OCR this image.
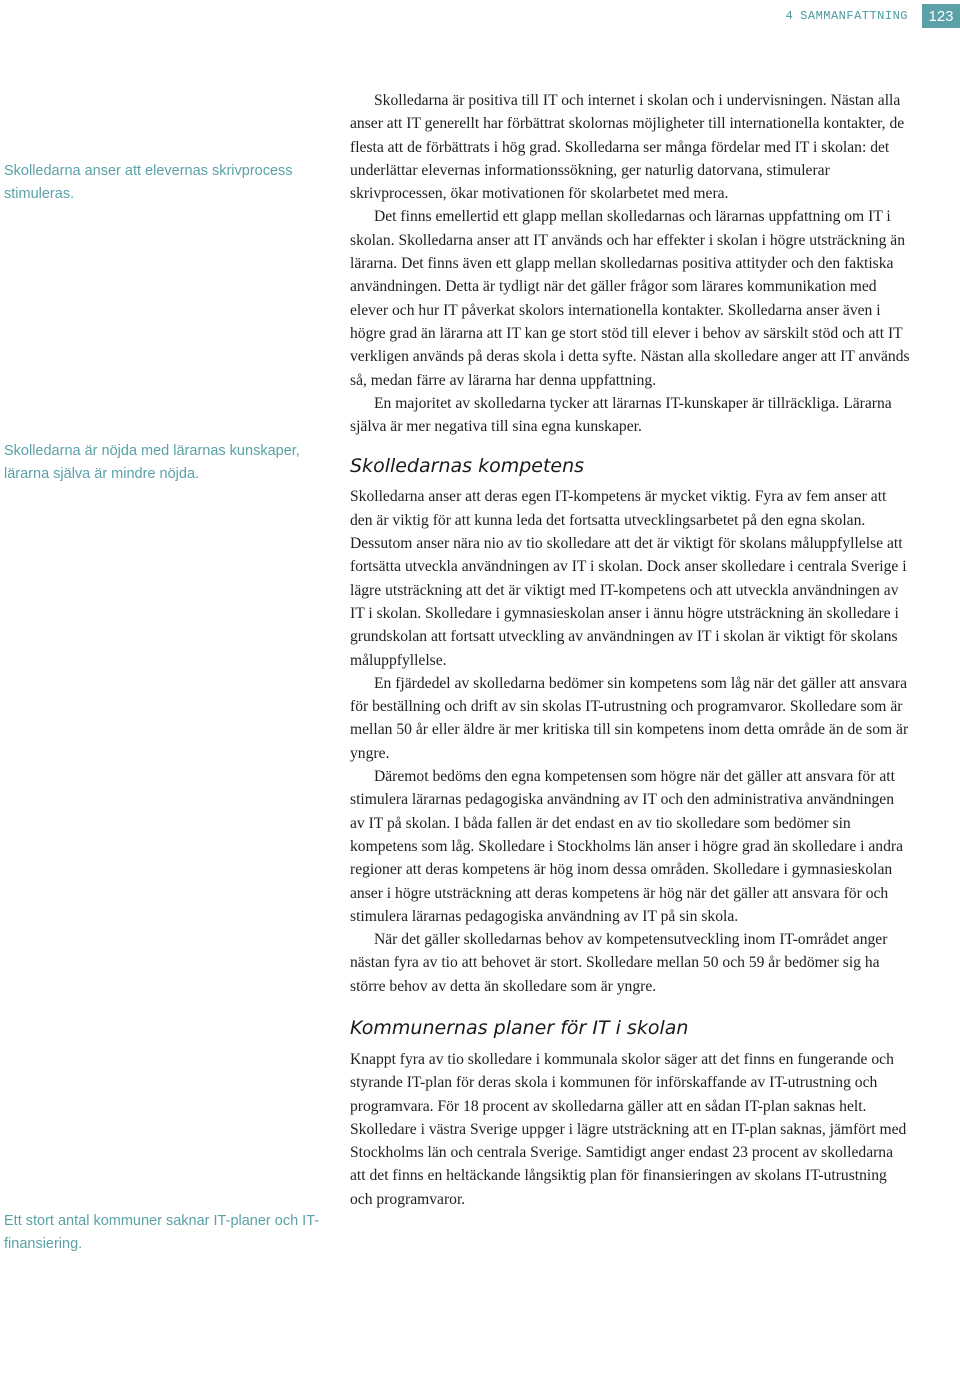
4 SAMMANFATTNING	123

Skolledarna anser att elevernas skrivprocess stimuleras.

Skolledarna är nöjda med lärarnas kunskaper, lärarna själva är mindre nöjda.

Ett stort antal kommuner saknar IT-planer och IT-finansiering.

Skolledarna är positiva till IT och internet i skolan och i undervisningen. Nästan alla anser att IT generellt har förbättrat skolornas möjligheter till internationella kontakter, de flesta att de förbättrats i hög grad. Skolledarna ser många fördelar med IT i skolan: det underlättar elevernas informationssökning, ger naturlig datorvana, stimulerar skrivprocessen, ökar motivationen för skolarbetet med mera.

Det finns emellertid ett glapp mellan skolledarnas och lärarnas uppfattning om IT i skolan. Skolledarna anser att IT används och har effekter i skolan i högre utsträckning än lärarna. Det finns även ett glapp mellan skolledarnas positiva attityder och den faktiska användningen. Detta är tydligt när det gäller frågor som lärares kommunikation med elever och hur IT påverkat skolors internationella kontakter. Skolledarna anser även i högre grad än lärarna att IT kan ge stort stöd till elever i behov av särskilt stöd och att IT verkligen används på deras skola i detta syfte. Nästan alla skolledare anger att IT används så, medan färre av lärarna har denna uppfattning.

En majoritet av skolledarna tycker att lärarnas IT-kunskaper är tillräckliga. Lärarna själva är mer negativa till sina egna kunskaper.

Skolledarnas kompetens

Skolledarna anser att deras egen IT-kompetens är mycket viktig. Fyra av fem anser att den är viktig för att kunna leda det fortsatta utvecklingsarbetet på den egna skolan. Dessutom anser nära nio av tio skolledare att det är viktigt för skolans måluppfyllelse att fortsätta utveckla användningen av IT i skolan. Dock anser skolledare i centrala Sverige i lägre utsträckning att det är viktigt med IT-kompetens och att utveckla användningen av IT i skolan. Skolledare i gymnasieskolan anser i ännu högre utsträckning än skolledare i grundskolan att fortsatt utveckling av användningen av IT i skolan är viktigt för skolans måluppfyllelse.

En fjärdedel av skolledarna bedömer sin kompetens som låg när det gäller att ansvara för beställning och drift av sin skolas IT-utrustning och programvaror. Skolledare som är mellan 50 år eller äldre är mer kritiska till sin kompetens inom detta område än de som är yngre.

Däremot bedöms den egna kompetensen som högre när det gäller att ansvara för att stimulera lärarnas pedagogiska användning av IT och den administrativa användningen av IT på skolan. I båda fallen är det endast en av tio skolledare som bedömer sin kompetens som låg. Skolledare i Stockholms län anser i högre grad än skolledare i andra regioner att deras kompetens är hög inom dessa områden. Skolledare i gymnasieskolan anser i högre utsträckning att deras kompetens är hög när det gäller att ansvara för och stimulera lärarnas pedagogiska användning av IT på sin skola.

När det gäller skolledarnas behov av kompetensutveckling inom IT-området anger nästan fyra av tio att behovet är stort. Skolledare mellan 50 och 59 år bedömer sig ha större behov av detta än skolledare som är yngre.

Kommunernas planer för IT i skolan

Knappt fyra av tio skolledare i kommunala skolor säger att det finns en fungerande och styrande IT-plan för deras skola i kommunen för införskaffande av IT-utrustning och programvara. För 18 procent av skolledarna gäller att en sådan IT-plan saknas helt. Skolledare i västra Sverige uppger i lägre utsträckning att en IT-plan saknas, jämfört med Stockholms län och centrala Sverige. Samtidigt anger endast 23 procent av skolledarna att det finns en heltäckande långsiktig plan för finansieringen av skolans IT-utrustning och programvaror.
